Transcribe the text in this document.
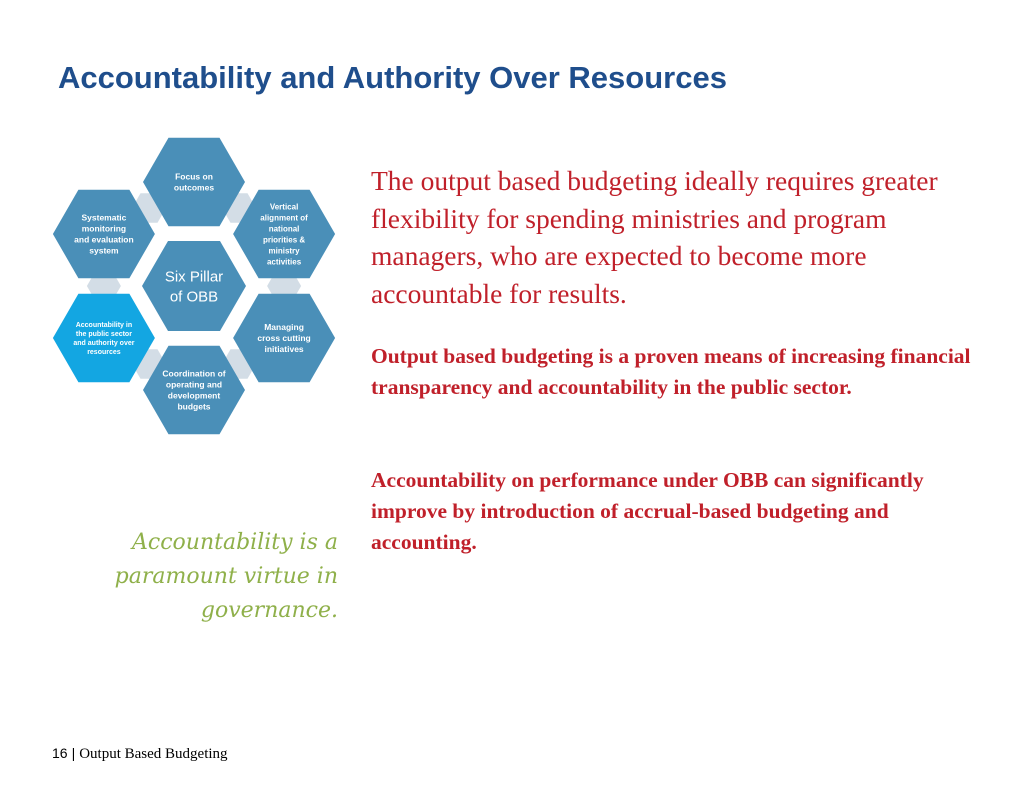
Accountability and Authority Over Resources
Six Pillar of OBB
Focus on outcomes
Vertical alignment of national priorities & ministry activities
Managing cross cutting initiatives
Coordination of operating and development budgets
Accountability in the public sector and authority over resources
Systematic monitoring and evaluation system
The output based budgeting ideally requires greater flexibility for spending ministries and program managers, who are expected to become more accountable for results.
Output based budgeting is a proven means of increasing financial transparency and accountability in the public sector.
Accountability on performance under OBB can significantly improve by introduction of accrual-based budgeting and accounting.
Accountability is a paramount virtue in governance.
16 | Output Based Budgeting
